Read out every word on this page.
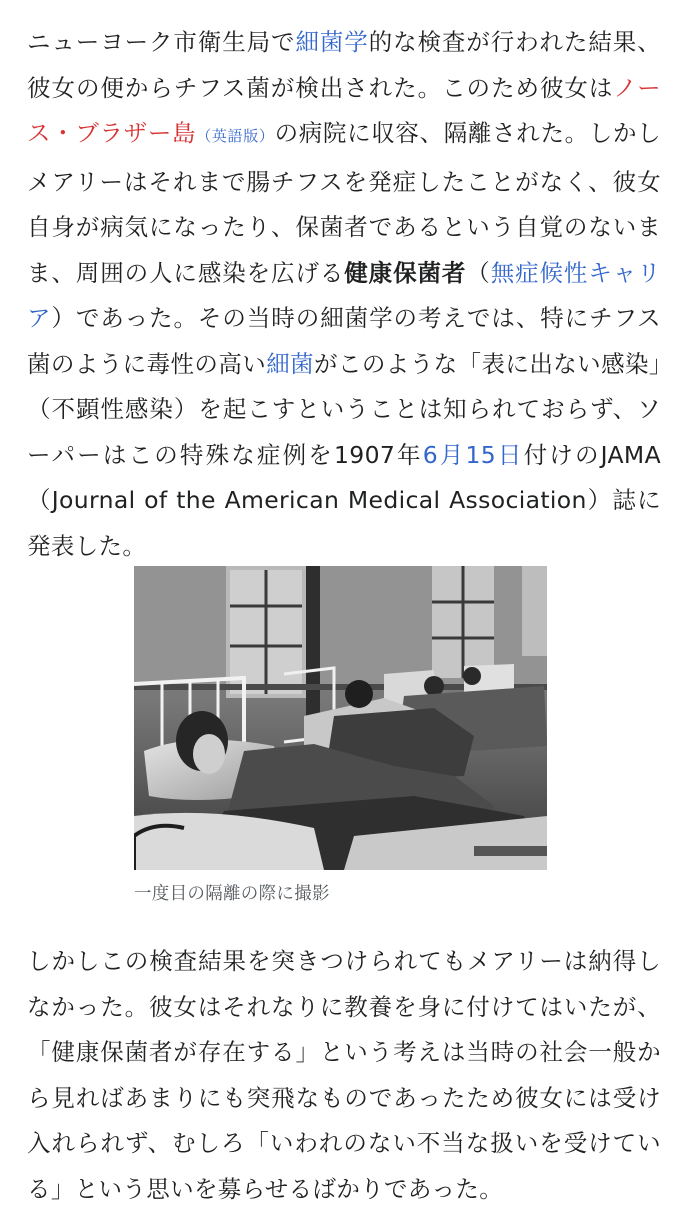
ニューヨーク市衛生局で細菌学的な検査が行われた結果、彼女の便からチフス菌が検出された。このため彼女はノース・ブラザー島（英語版）の病院に収容、隔離された。しかしメアリーはそれまで腸チフスを発症したことがなく、彼女自身が病気になったり、保菌者であるという自覚のないまま、周囲の人に感染を広げる健康保菌者（無症候性キャリア）であった。その当時の細菌学の考えでは、特にチフス菌のように毒性の高い細菌がこのような「表に出ない感染」（不顕性感染）を起こすということは知られておらず、ソーパーはこの特殊な症例を1907年6月15日付けのJAMA（Journal of the American Medical Association）誌に発表した。

一度目の隔離の際に撮影

しかしこの検査結果を突きつけられてもメアリーは納得しなかった。彼女はそれなりに教養を身に付けてはいたが、「健康保菌者が存在する」という考えは当時の社会一般から見ればあまりにも突飛なものであったため彼女には受け入れられず、むしろ「いわれのない不当な扱いを受けている」という思いを募らせるばかりであった。
